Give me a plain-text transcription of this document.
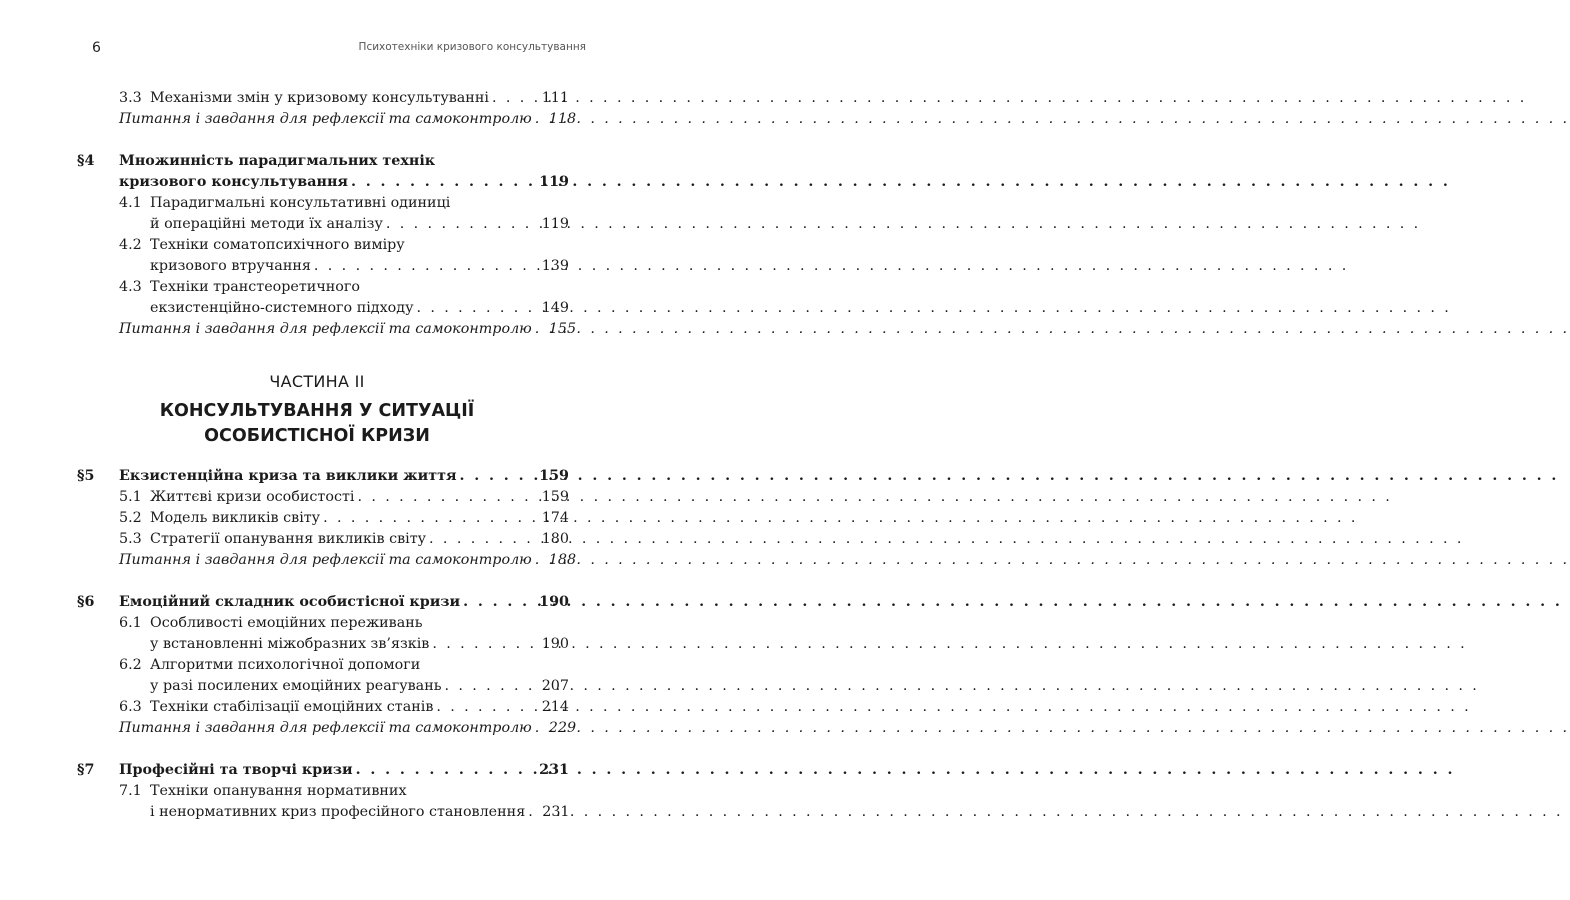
6	Психотехніки кризового консультування
3.3 Механізми змін у кризовому консультуванні . . .	111
Питання і завдання для рефлексії та самоконтролю . . . 118
§4 Множинність парадигмальних технік
кризового консультування . . .	119
4.1 Парадигмальні консультативні одиниці
й операційні методи їх аналізу . . .	119
4.2 Техніки соматопсихічного виміру
кризового втручання . . .	139
4.3 Техніки транстеоретичного
екзистенційно-системного підходу . . .	149
Питання і завдання для рефлексії та самоконтролю . . . 155
ЧАСТИНА ІІ
КОНСУЛЬТУВАННЯ У СИТУАЦІЇ
ОСОБИСТІСНОЇ КРИЗИ
§5 Екзистенційна криза та виклики життя . . .	159
5.1 Життєві кризи особистості . . .	159
5.2 Модель викликів світу . . .	174
5.3 Стратегії опанування викликів світу . . .	180
Питання і завдання для рефлексії та самоконтролю . . . 188
§6 Емоційний складник особистісної кризи . . .	190
6.1 Особливості емоційних переживань
у встановленні міжобразних зв’язків . . .	190
6.2 Алгоритми психологічної допомоги
у разі посилених емоційних реагувань . . .	207
6.3 Техніки стабілізації емоційних станів . . .	214
Питання і завдання для рефлексії та самоконтролю . . . 229
§7 Професійні та творчі кризи . . .	231
7.1 Техніки опанування нормативних
і ненормативних криз професійного становлення . . . 231
